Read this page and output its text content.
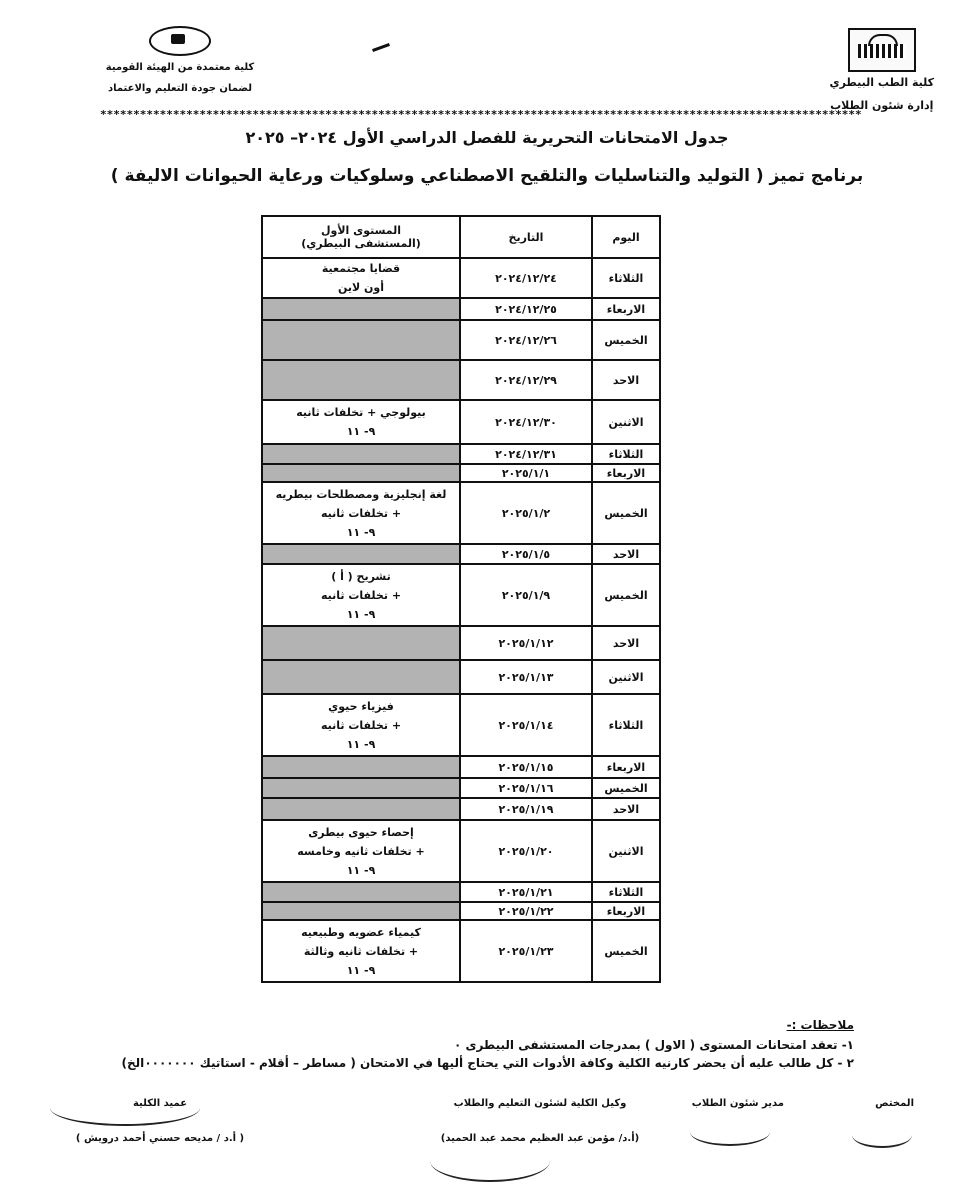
كلية الطب البيطري
إدارة شئون الطلاب
كلية معتمدة من الهيئة القومية
لضمان جودة التعليم والاعتماد
*******************************************************************************************************************
جدول الامتحانات التحريرية للفصل الدراسي الأول ٢٠٢٤– ٢٠٢٥
برنامج تميز ( التوليد والتناسليات والتلقيح الاصطناعي وسلوكيات ورعاية الحيوانات الاليفة )
اليوم	التاريخ	المستوى الأول
(المستشفى البيطري)

الثلاثاء	٢٠٢٤/١٢/٢٤	قضايا مجتمعية
أون لاين

الاربعاء	٢٠٢٤/١٢/٢٥	
الخميس	٢٠٢٤/١٢/٢٦	
الاحد	٢٠٢٤/١٢/٢٩	
الاثنين	٢٠٢٤/١٢/٣٠	بيولوجي + تخلفات ثانيه
٩- ١١

الثلاثاء	٢٠٢٤/١٢/٣١	
الاربعاء	٢٠٢٥/١/١	
الخميس	٢٠٢٥/١/٢	لغة إنجليزية ومصطلحات بيطريه
+ تخلفات ثانيه
٩- ١١

الاحد	٢٠٢٥/١/٥	
الخميس	٢٠٢٥/١/٩	تشريح ( أ )
+ تخلفات ثانيه
٩- ١١

الاحد	٢٠٢٥/١/١٢	
الاثنين	٢٠٢٥/١/١٣	
الثلاثاء	٢٠٢٥/١/١٤	فيزياء حيوي
+ تخلفات ثانيه
٩- ١١

الاربعاء	٢٠٢٥/١/١٥	
الخميس	٢٠٢٥/١/١٦	
الاحد	٢٠٢٥/١/١٩	
الاثنين	٢٠٢٥/١/٢٠	إحصاء حيوى بيطرى
+ تخلفات ثانيه وخامسه
٩- ١١

الثلاثاء	٢٠٢٥/١/٢١	
الاربعاء	٢٠٢٥/١/٢٢	
الخميس	٢٠٢٥/١/٢٣	كيمياء عضويه وطبيعيه
+ تخلفات ثانيه وثالثة
٩- ١١
ملاحظات :-
١- تعقد امتحانات المستوى ( الاول ) بمدرجات المستشفى البيطرى ٠
٢ - كل طالب عليه أن يحضر كارنيه الكلية وكافة الأدوات التي يحتاج أليها في الامتحان ( مساطر – أقلام - استاتيك ٠٠٠٠٠٠٠الخ)
المختص
مدير شئون الطلاب
وكيل الكلية لشئون التعليم والطلاب
(أ.د/ مؤمن عبد العظيم محمد عبد الحميد)
عميد الكلية
( أ.د / مديحه حسني أحمد درويش )
